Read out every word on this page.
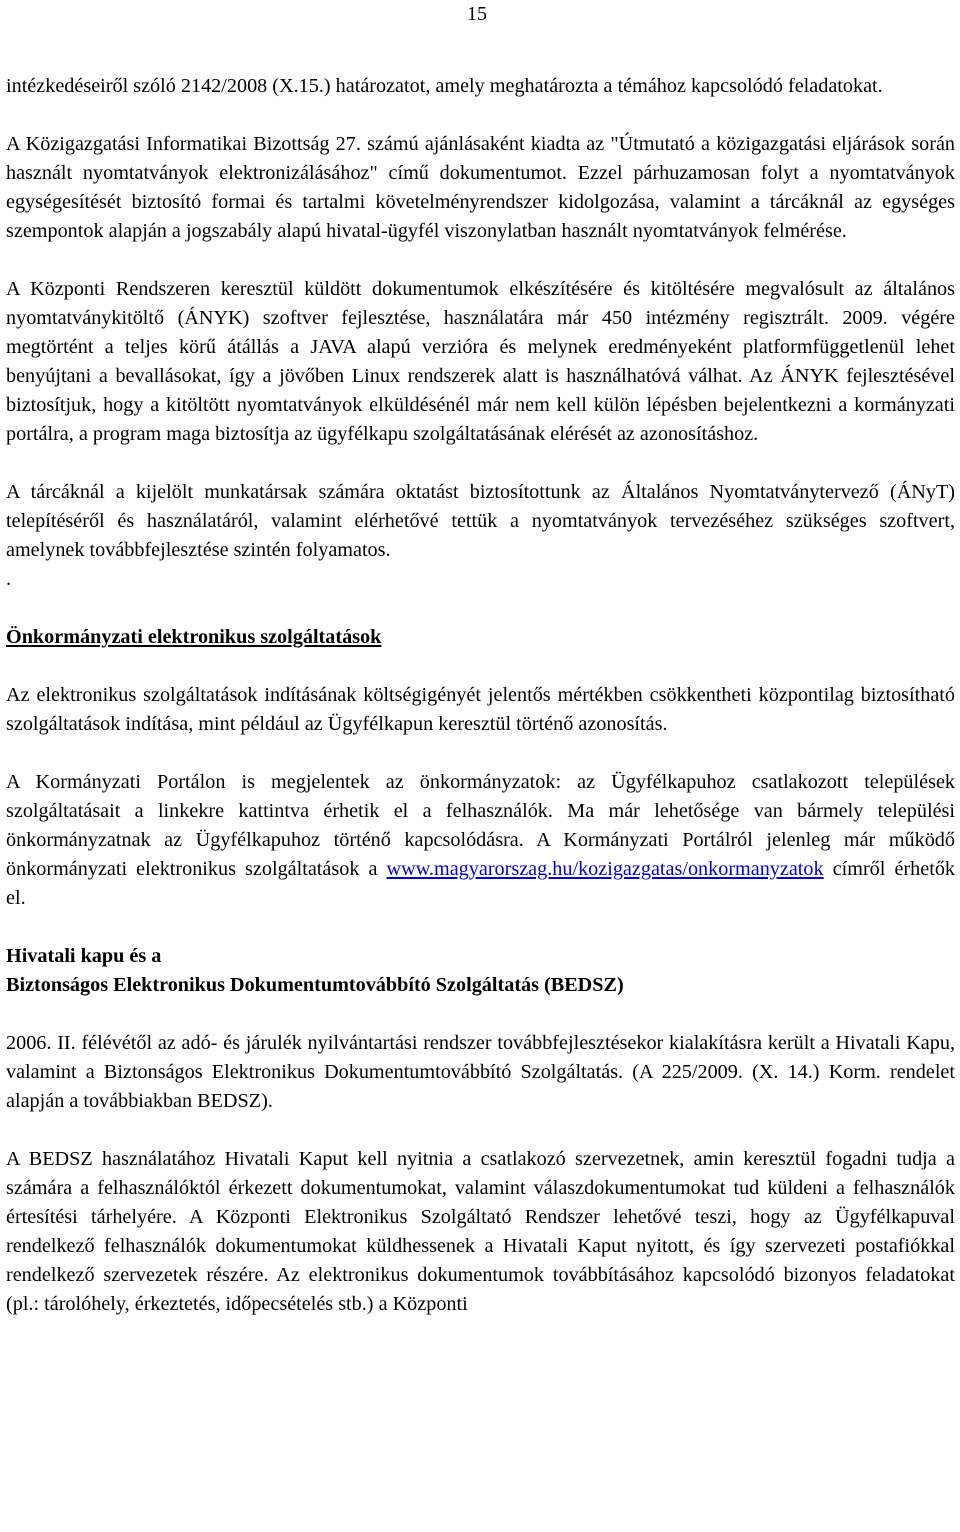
15

intézkedéseiről szóló 2142/2008 (X.15.) határozatot, amely meghatározta a témához kapcsolódó feladatokat.

A Közigazgatási Informatikai Bizottság 27. számú ajánlásaként kiadta az "Útmutató a közigazgatási eljárások során használt nyomtatványok elektronizálásához" című dokumentumot. Ezzel párhuzamosan folyt a nyomtatványok egységesítését biztosító formai és tartalmi követelményrendszer kidolgozása, valamint a tárcáknál az egységes szempontok alapján a jogszabály alapú hivatal-ügyfél viszonylatban használt nyomtatványok felmérése.

A Központi Rendszeren keresztül küldött dokumentumok elkészítésére és kitöltésére megvalósult az általános nyomtatványkitöltő (ÁNYK) szoftver fejlesztése, használatára már 450 intézmény regisztrált. 2009. végére megtörtént a teljes körű átállás a JAVA alapú verzióra és melynek eredményeként platformfüggetlenül lehet benyújtani a bevallásokat, így a jövőben Linux rendszerek alatt is használhatóvá válhat. Az ÁNYK fejlesztésével biztosítjuk, hogy a kitöltött nyomtatványok elküldésénél már nem kell külön lépésben bejelentkezni a kormányzati portálra, a program maga biztosítja az ügyfélkapu szolgáltatásának elérését az azonosításhoz.

A tárcáknál a kijelölt munkatársak számára oktatást biztosítottunk az Általános Nyomtatványtervező (ÁNyT) telepítéséről és használatáról, valamint elérhetővé tettük a nyomtatványok tervezéséhez szükséges szoftvert, amelynek továbbfejlesztése szintén folyamatos.

.
Önkormányzati elektronikus szolgáltatások

Az elektronikus szolgáltatások indításának költségigényét jelentős mértékben csökkentheti központilag biztosítható szolgáltatások indítása, mint például az Ügyfélkapun keresztül történő azonosítás.

A Kormányzati Portálon is megjelentek az önkormányzatok: az Ügyfélkapuhoz csatlakozott települések szolgáltatásait a linkekre kattintva érhetik el a felhasználók. Ma már lehetősége van bármely települési önkormányzatnak az Ügyfélkapuhoz történő kapcsolódásra. A Kormányzati Portálról jelenleg már működő önkormányzati elektronikus szolgáltatások a www.magyarorszag.hu/kozigazgatas/onkormanyzatok címről érhetők el.

Hivatali kapu és a
Biztonságos Elektronikus Dokumentumtovábbító Szolgáltatás (BEDSZ)

2006. II. félévétől az adó- és járulék nyilvántartási rendszer továbbfejlesztésekor kialakításra került a Hivatali Kapu, valamint a Biztonságos Elektronikus Dokumentumtovábbító Szolgáltatás. (A 225/2009. (X. 14.) Korm. rendelet alapján a továbbiakban BEDSZ).

A BEDSZ használatához Hivatali Kaput kell nyitnia a csatlakozó szervezetnek, amin keresztül fogadni tudja a számára a felhasználóktól érkezett dokumentumokat, valamint válaszdokumentumokat tud küldeni a felhasználók értesítési tárhelyére. A Központi Elektronikus Szolgáltató Rendszer lehetővé teszi, hogy az Ügyfélkapuval rendelkező felhasználók dokumentumokat küldhessenek a Hivatali Kaput nyitott, és így szervezeti postafiókkal rendelkező szervezetek részére. Az elektronikus dokumentumok továbbításához kapcsolódó bizonyos feladatokat (pl.: tárolóhely, érkeztetés, időpecsételés stb.) a Központi
